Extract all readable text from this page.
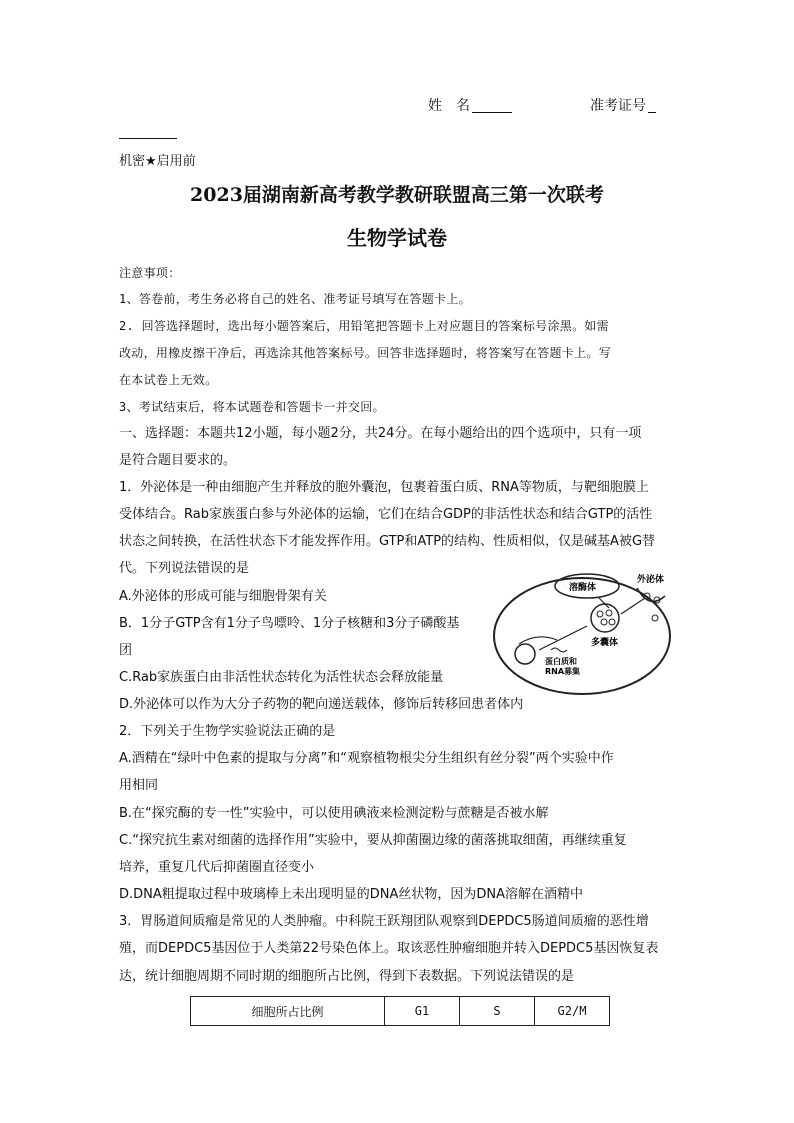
姓　名	准考证号
机密★启用前
2023届湖南新高考教学教研联盟高三第一次联考
生物学试卷
注意事项：
1、答卷前，考生务必将自己的姓名、准考证号填写在答题卡上。
2. 回答选择题时，选出每小题答案后，用铅笔把答题卡上对应题目的答案标号涂黑。如需
改动，用橡皮擦干净后，再选涂其他答案标号。回答非选择题时，将答案写在答题卡上。写
在本试卷上无效。
3、考试结束后，将本试题卷和答题卡一并交回。
一、选择题：本题共12小题，每小题2分，共24分。在每小题给出的四个选项中，只有一项
是符合题目要求的。
1．外泌体是一种由细胞产生并释放的胞外囊泡，包裹着蛋白质、RNA等物质，与靶细胞膜上
受体结合。Rab家族蛋白参与外泌体的运输，它们在结合GDP的非活性状态和结合GTP的活性
状态之间转换，在活性状态下才能发挥作用。GTP和ATP的结构、性质相似，仅是碱基A被G替
代。下列说法错误的是
A.外泌体的形成可能与细胞骨架有关
B．1分子GTP含有1分子鸟嘌呤、1分子核糖和3分子磷酸基
团
C.Rab家族蛋白由非活性状态转化为活性状态会释放能量
D.外泌体可以作为大分子药物的靶向递送载体，修饰后转移回患者体内
溶酶体
多囊体
外泌体
蛋白质和
RNA募集
2．下列关于生物学实验说法正确的是
A.酒精在“绿叶中色素的提取与分离”和“观察植物根尖分生组织有丝分裂”两个实验中作
用相同
B.在“探究酶的专一性”实验中，可以使用碘液来检测淀粉与蔗糖是否被水解
C.“探究抗生素对细菌的选择作用”实验中，要从抑菌圈边缘的菌落挑取细菌，再继续重复
培养，重复几代后抑菌圈直径变小
D.DNA粗提取过程中玻璃棒上未出现明显的DNA丝状物，因为DNA溶解在酒精中
3．胃肠道间质瘤是常见的人类肿瘤。中科院王跃翔团队观察到DEPDC5肠道间质瘤的恶性增
殖，而DEPDC5基因位于人类第22号染色体上。取该恶性肿瘤细胞并转入DEPDC5基因恢复表
达，统计细胞周期不同时期的细胞所占比例，得到下表数据。下列说法错误的是
细胞所占比例	G1	S	G2/M
